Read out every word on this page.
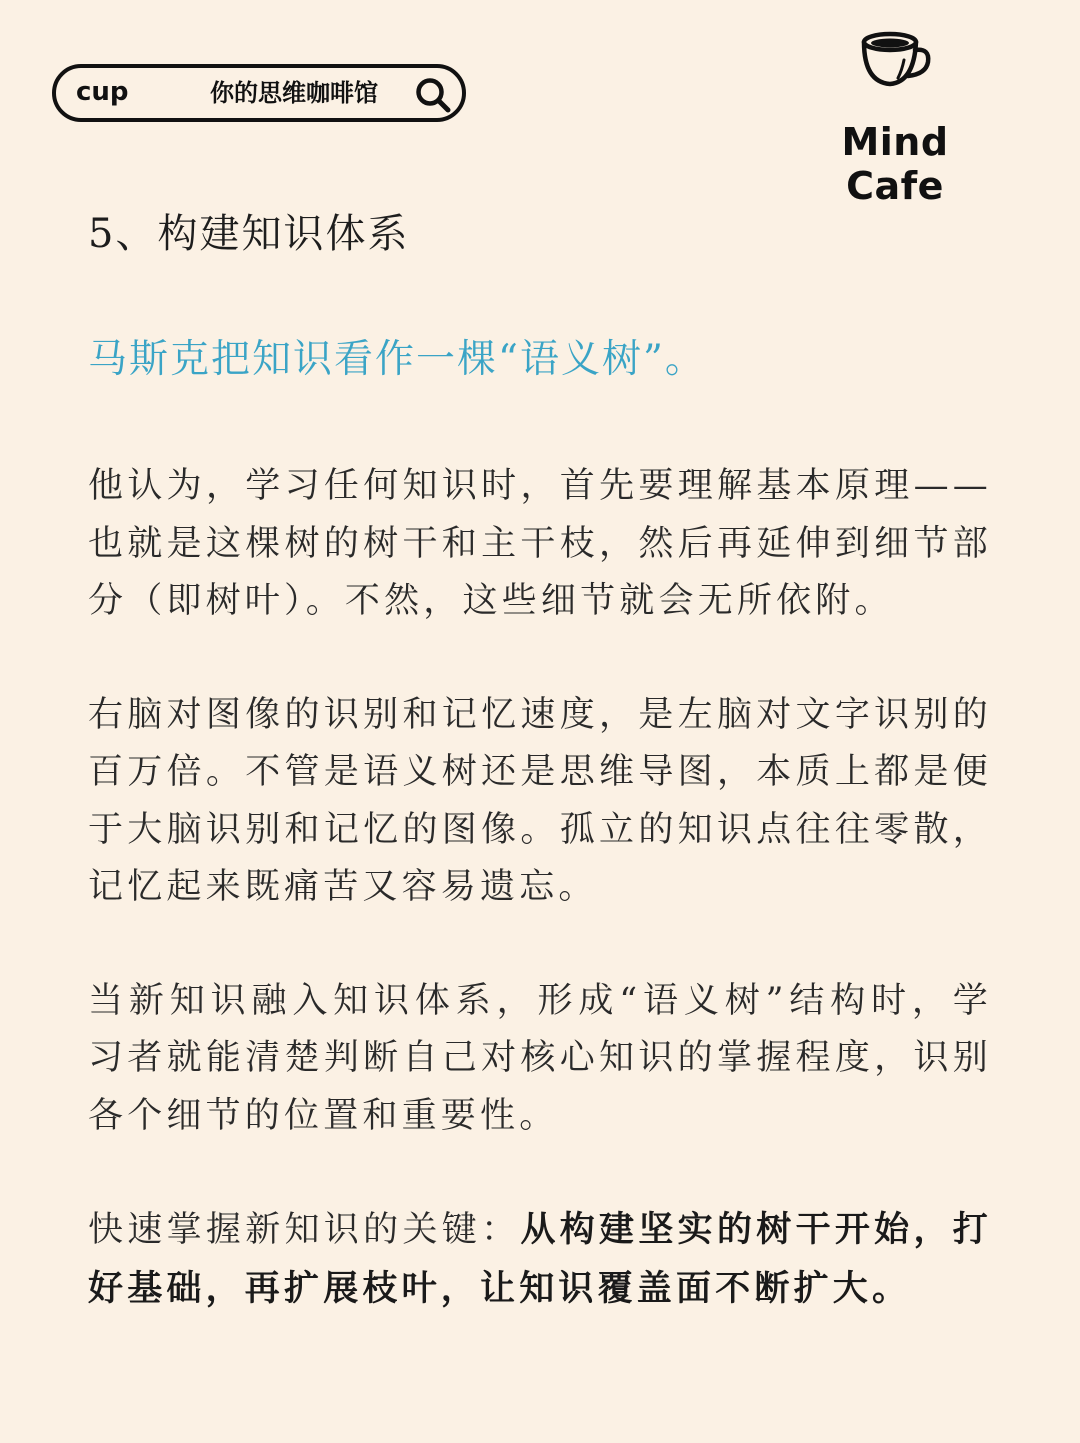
cup	你的思维咖啡馆
Mind Cafe
5、构建知识体系

马斯克把知识看作一棵“语义树”。

他认为，学习任何知识时，首先要理解基本原理——也就是这棵树的树干和主干枝，然后再延伸到细节部分（即树叶）。不然，这些细节就会无所依附。

右脑对图像的识别和记忆速度，是左脑对文字识别的百万倍。不管是语义树还是思维导图，本质上都是便于大脑识别和记忆的图像。孤立的知识点往往零散，记忆起来既痛苦又容易遗忘。

当新知识融入知识体系，形成“语义树”结构时，学习者就能清楚判断自己对核心知识的掌握程度，识别各个细节的位置和重要性。

快速掌握新知识的关键：从构建坚实的树干开始，打好基础，再扩展枝叶，让知识覆盖面不断扩大。
